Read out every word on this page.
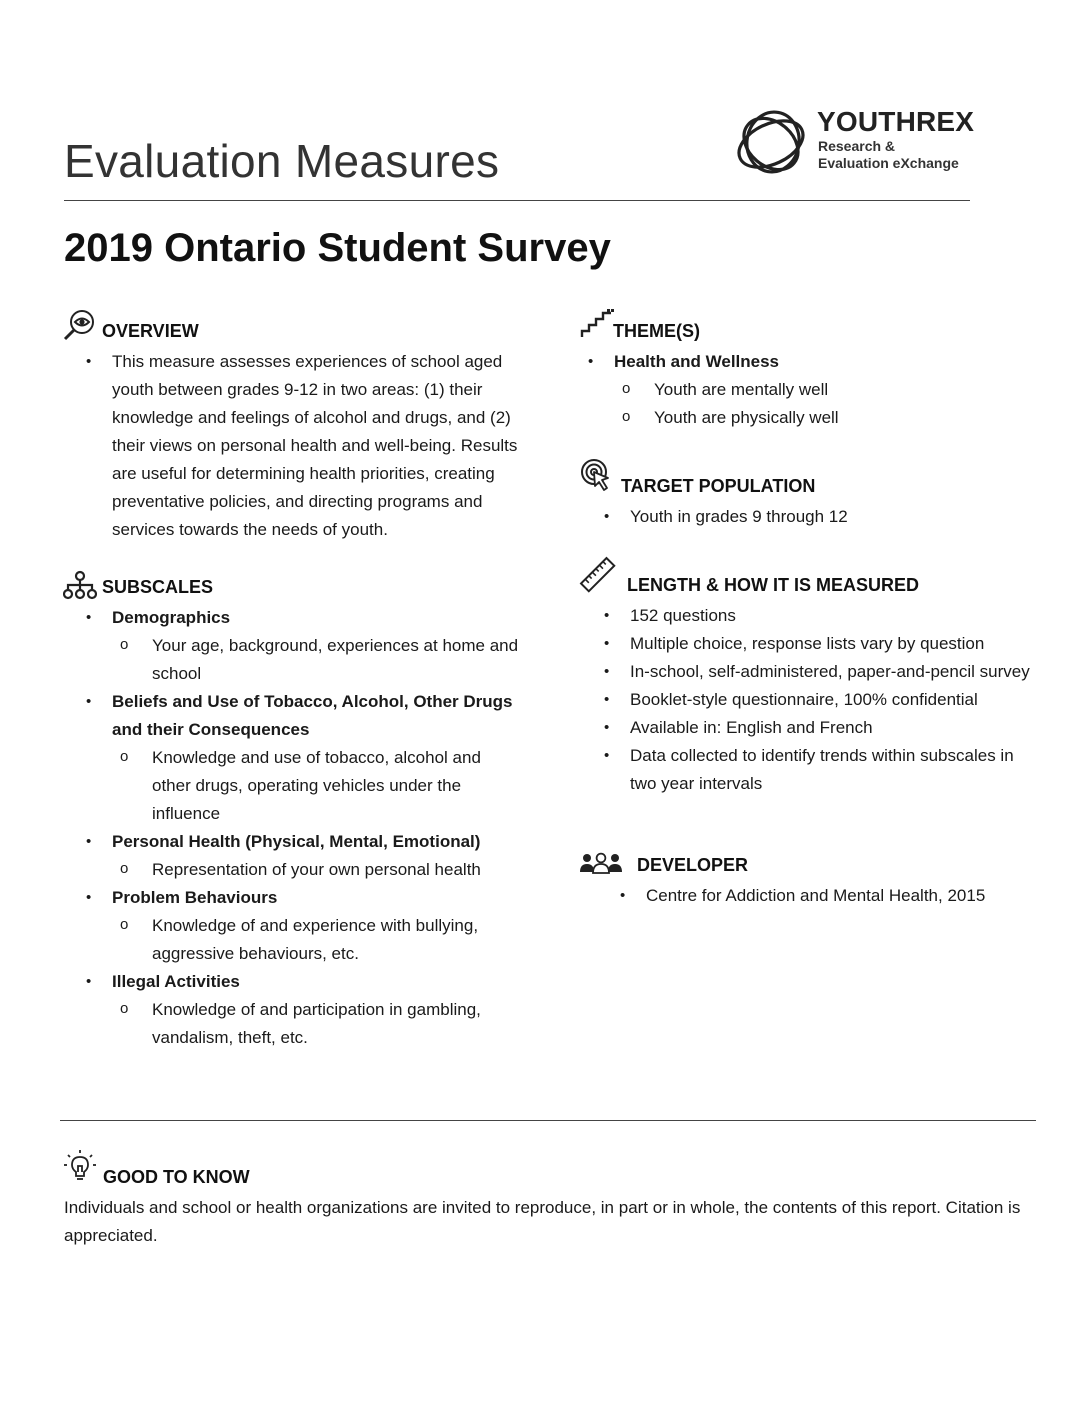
Evaluation Measures
YOUTHREX
Research &
Evaluation eXchange
2019 Ontario Student Survey
OVERVIEW
• This measure assesses experiences of school aged youth between grades 9-12 in two areas: (1) their knowledge and feelings of alcohol and drugs, and (2) their views on personal health and well-being. Results are useful for determining health priorities, creating preventative policies, and directing programs and services towards the needs of youth.
SUBSCALES
• Demographics
o Your age, background, experiences at home and school
• Beliefs and Use of Tobacco, Alcohol, Other Drugs and their Consequences
o Knowledge and use of tobacco, alcohol and other drugs, operating vehicles under the influence
• Personal Health (Physical, Mental, Emotional)
o Representation of your own personal health
• Problem Behaviours
o Knowledge of and experience with bullying, aggressive behaviours, etc.
• Illegal Activities
o Knowledge of and participation in gambling, vandalism, theft, etc.
THEME(S)
• Health and Wellness
o Youth are mentally well
o Youth are physically well
TARGET POPULATION
• Youth in grades 9 through 12
LENGTH & HOW IT IS MEASURED
• 152 questions
• Multiple choice, response lists vary by question
• In-school, self-administered, paper-and-pencil survey
• Booklet-style questionnaire, 100% confidential
• Available in: English and French
• Data collected to identify trends within subscales in two year intervals
DEVELOPER
• Centre for Addiction and Mental Health, 2015
GOOD TO KNOW
Individuals and school or health organizations are invited to reproduce, in part or in whole, the contents of this report. Citation is appreciated.
